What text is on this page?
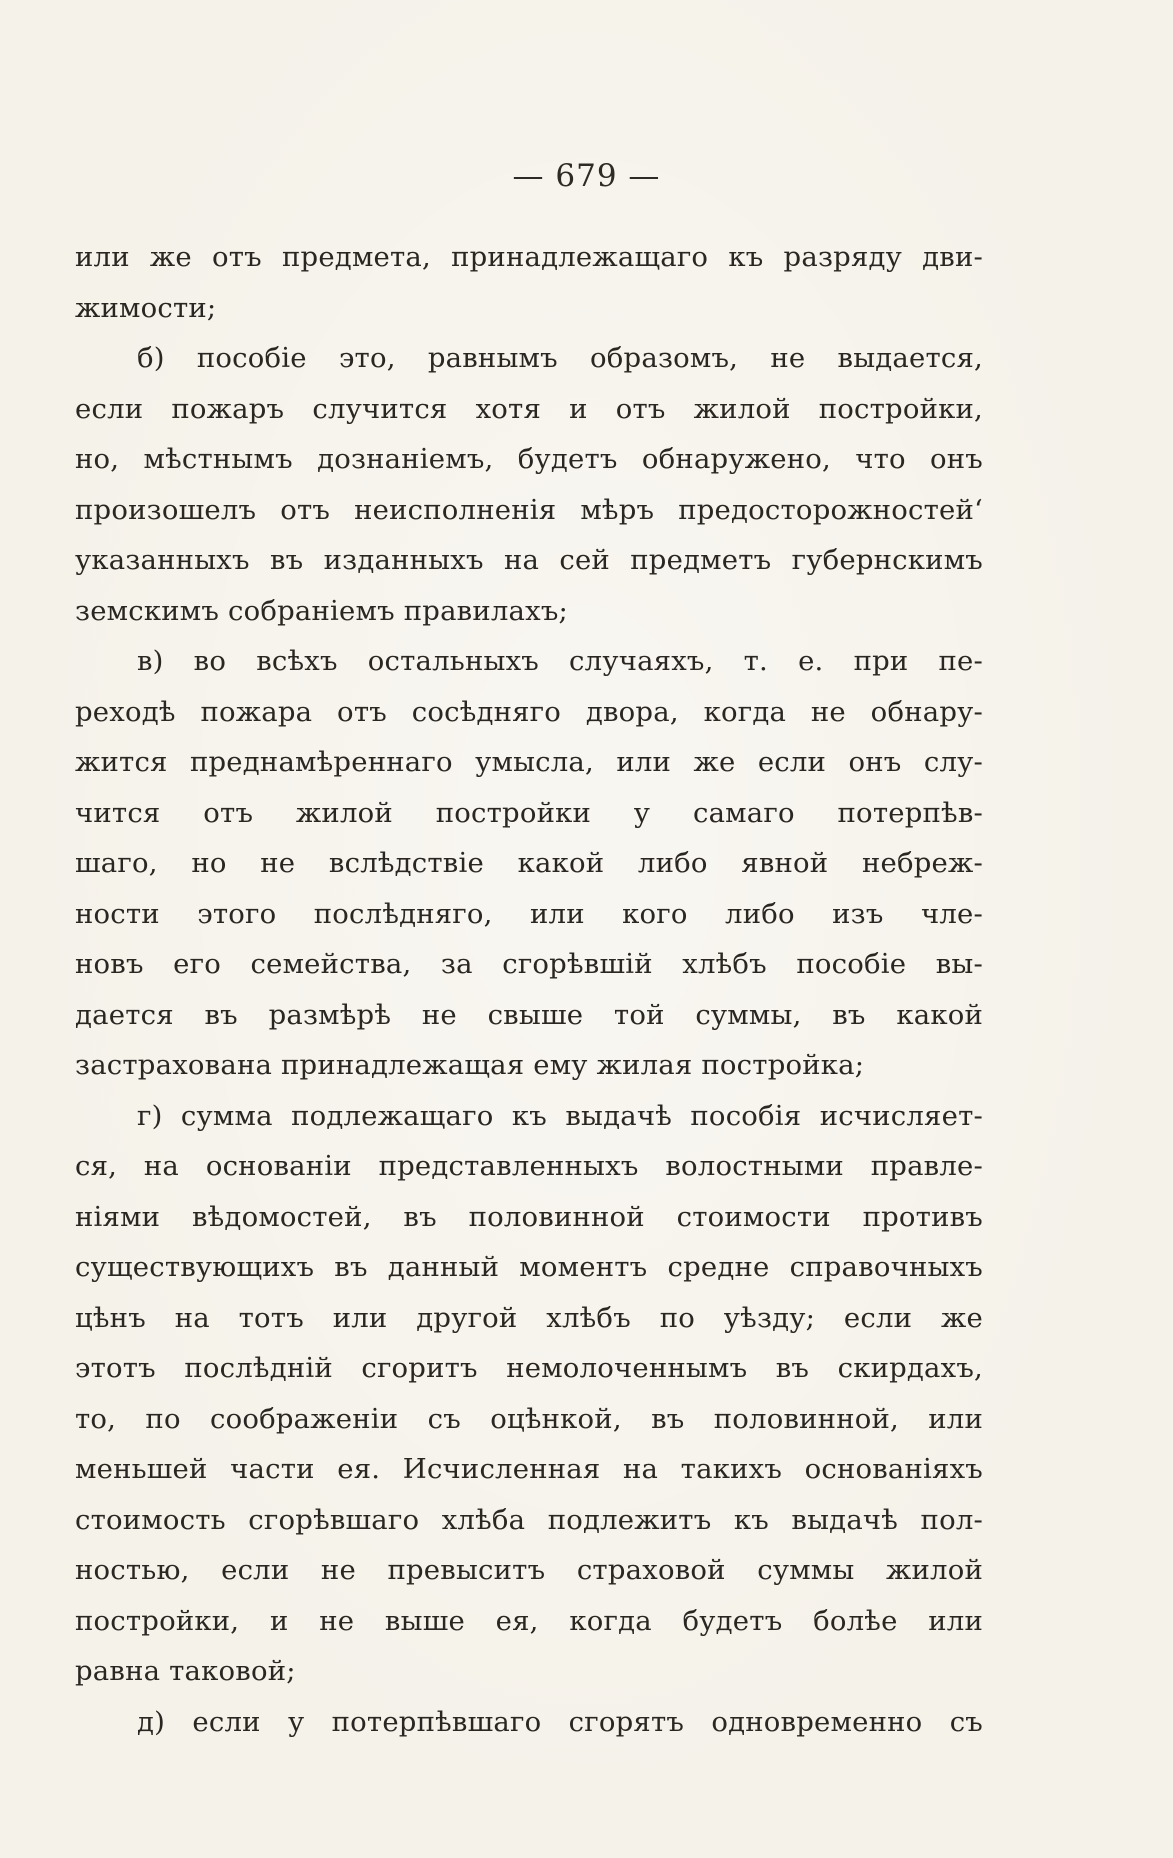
— 679 —
или же отъ предмета, принадлежащаго къ разряду дви-
жимости;
б) пособіе это, равнымъ образомъ, не выдается,
если пожаръ случится хотя и отъ жилой постройки,
но, мѣстнымъ дознаніемъ, будетъ обнаружено, что онъ
произошелъ отъ неисполненія мѣръ предосторожностей‘
указанныхъ въ изданныхъ на сей предметъ губернскимъ
земскимъ собраніемъ правилахъ;
в) во всѣхъ остальныхъ случаяхъ, т. е. при пе-
реходѣ пожара отъ сосѣдняго двора, когда не обнару-
жится преднамѣреннаго умысла, или же если онъ слу-
чится отъ жилой постройки у самаго потерпѣв-
шаго, но не вслѣдствіе какой либо явной небреж-
ности этого послѣдняго, или кого либо изъ чле-
новъ его семейства, за сгорѣвшій хлѣбъ пособіе вы-
дается въ размѣрѣ не свыше той суммы, въ какой
застрахована принадлежащая ему жилая постройка;
г) сумма подлежащаго къ выдачѣ пособія исчисляет-
ся, на основаніи представленныхъ волостными правле-
ніями вѣдомостей, въ половинной стоимости противъ
существующихъ въ данный моментъ средне справочныхъ
цѣнъ на тотъ или другой хлѣбъ по уѣзду; если же
этотъ послѣдній сгоритъ немолоченнымъ въ скирдахъ,
то, по соображеніи съ оцѣнкой, въ половинной, или
меньшей части ея. Исчисленная на такихъ основаніяхъ
стоимость сгорѣвшаго хлѣба подлежитъ къ выдачѣ пол-
ностью, если не превыситъ страховой суммы жилой
постройки, и не выше ея, когда будетъ болѣе или
равна таковой;
д) если у потерпѣвшаго сгорятъ одновременно съ
